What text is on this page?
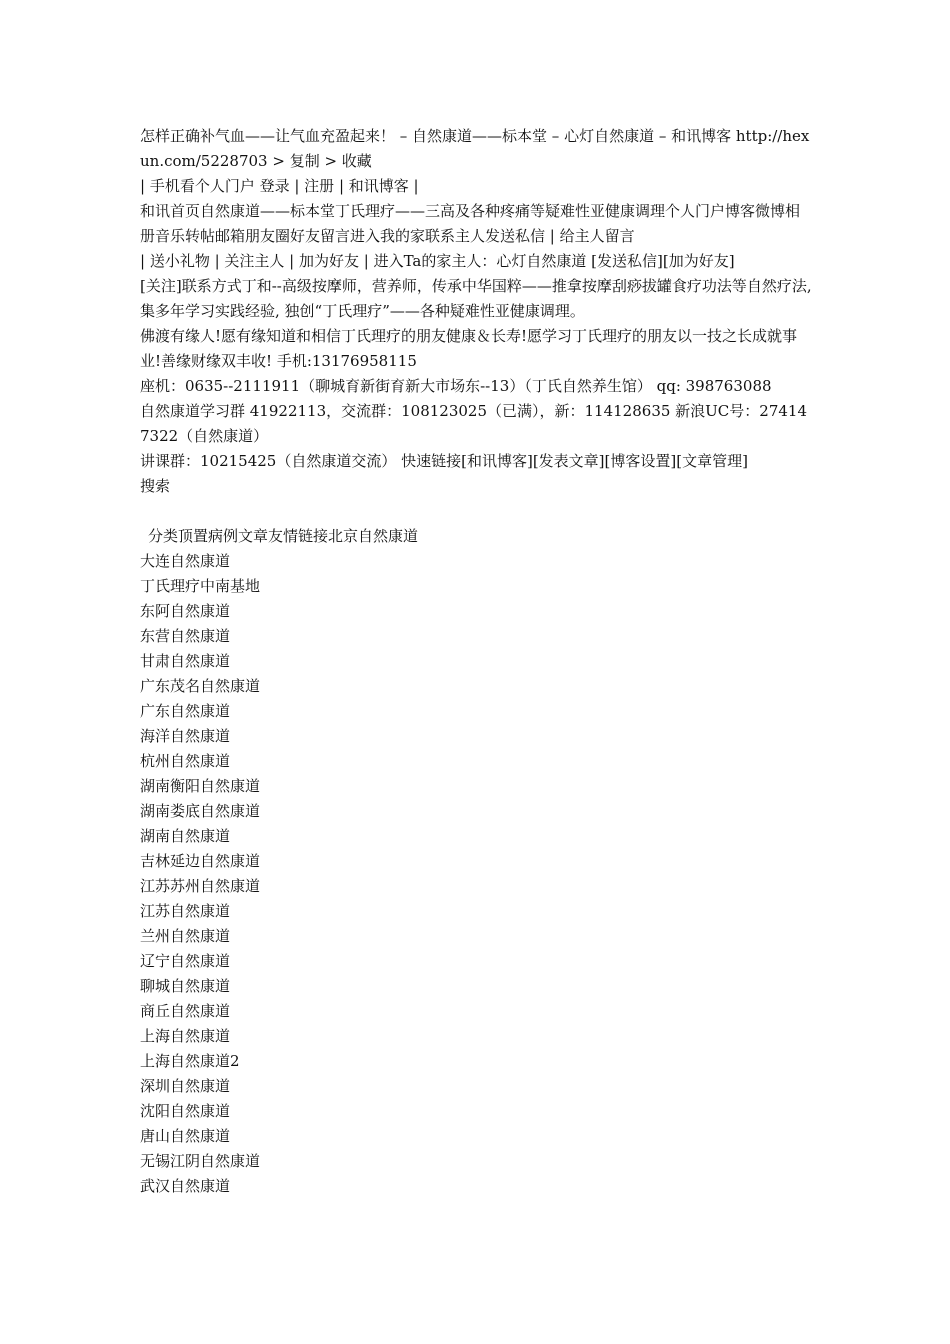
怎样正确补气血——让气血充盈起来！ – 自然康道——标本堂 – 心灯自然康道 – 和讯博客 http://hexun.com/5228703 > 复制 > 收藏
| 手机看个人门户 登录 | 注册 | 和讯博客 |
和讯首页自然康道——标本堂丁氏理疗——三高及各种疼痛等疑难性亚健康调理个人门户博客微博相册音乐转帖邮箱朋友圈好友留言进入我的家联系主人发送私信 | 给主人留言
| 送小礼物 | 关注主人 | 加为好友 | 进入Ta的家主人：心灯自然康道 [发送私信][加为好友]
[关注]联系方式丁和--高级按摩师，营养师，传承中华国粹——推拿按摩刮痧拔罐食疗功法等自然疗法,集多年学习实践经验, 独创“丁氏理疗”——各种疑难性亚健康调理。
佛渡有缘人!愿有缘知道和相信丁氏理疗的朋友健康＆长寿!愿学习丁氏理疗的朋友以一技之长成就事业!善缘财缘双丰收! 手机:13176958115
座机：0635--2111911（聊城育新街育新大市场东--13）（丁氏自然养生馆） qq: 398763088
自然康道学习群 41922113，交流群：108123025（已满），新：114128635 新浪UC号：274147322（自然康道）
讲课群：10215425（自然康道交流） 快速链接[和讯博客][发表文章][博客设置][文章管理]
搜索
分类顶置病例文章友情链接北京自然康道
大连自然康道
丁氏理疗中南基地
东阿自然康道
东营自然康道
甘肃自然康道
广东茂名自然康道
广东自然康道
海洋自然康道
杭州自然康道
湖南衡阳自然康道
湖南娄底自然康道
湖南自然康道
吉林延边自然康道
江苏苏州自然康道
江苏自然康道
兰州自然康道
辽宁自然康道
聊城自然康道
商丘自然康道
上海自然康道
上海自然康道2
深圳自然康道
沈阳自然康道
唐山自然康道
无锡江阴自然康道
武汉自然康道
